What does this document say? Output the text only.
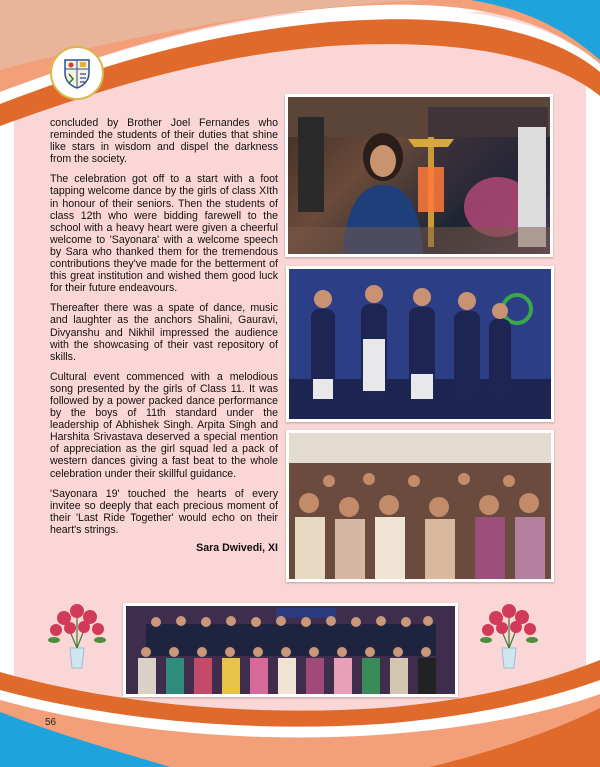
concluded by Brother Joel Fernandes who reminded the students of their duties that shine like stars in wisdom and dispel the darkness from the society.

The celebration got off to a start with a foot tapping welcome dance by the girls of class XIth in honour of their seniors. Then the students of class 12th who were bidding farewell to the school with a heavy heart were given a cheerful welcome to 'Sayonara' with a welcome speech by Sara who thanked them for the tremendous contributions they've made for the betterment of this great institution and wished them good luck for their future endeavours.

Thereafter there was a spate of dance, music and laughter as the anchors Shalini, Gauravi, Divyanshu and Nikhil impressed the audience with the showcasing of their vast repository of skills.

Cultural event commenced with a melodious song presented by the girls of Class 11. It was followed by a power packed dance performance by the boys of 11th standard under the leadership of Abhishek Singh. Arpita Singh and Harshita Srivastava deserved a special mention of appreciation as the girl squad led a pack of western dances giving a fast beat to the whole celebration under their skillful guidance.

'Sayonara 19' touched the hearts of every invitee so deeply that each precious moment of their 'Last Ride Together' would echo on their heart's strings.

Sara Dwivedi, XI
56
